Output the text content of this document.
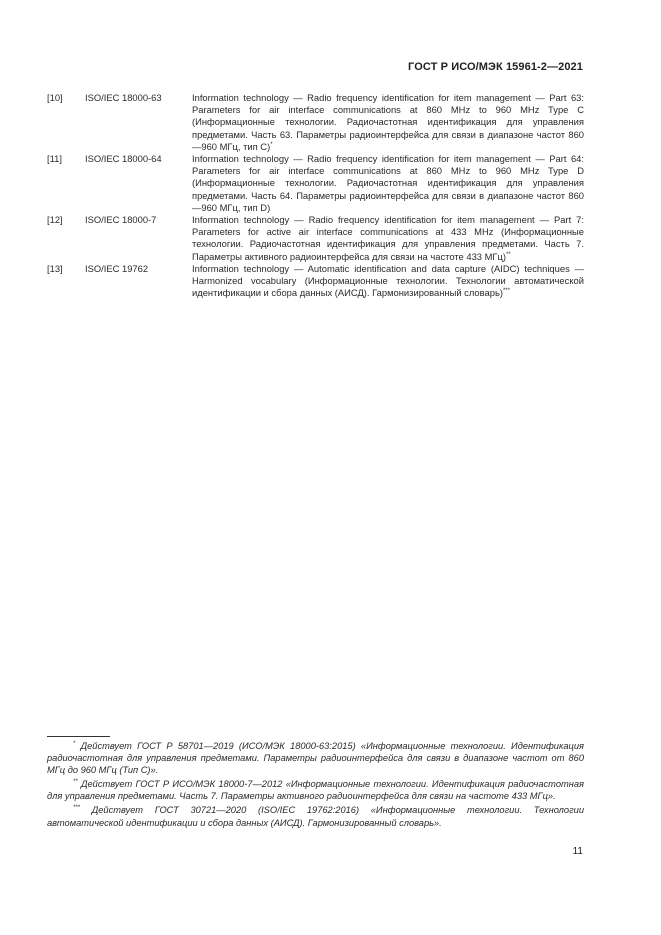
ГОСТ Р ИСО/МЭК 15961-2—2021
[10]	ISO/IEC 18000-63	Information technology — Radio frequency identification for item management — Part 63: Parameters for air interface communications at 860 MHz to 960 MHz Type C (Информационные технологии. Радиочастотная идентификация для управления предметами. Часть 63. Параметры радиоинтерфейса для связи в диапазоне частот 860—960 МГц, тип С)*
[11]	ISO/IEC 18000-64	Information technology — Radio frequency identification for item management — Part 64: Parameters for air interface communications at 860 MHz to 960 MHz Type D (Информационные технологии. Радиочастотная идентификация для управления предметами. Часть 64. Параметры радиоинтерфейса для связи в диапазоне частот 860—960 МГц, тип D)
[12]	ISO/IEC 18000-7	Information technology — Radio frequency identification for item management — Part 7: Parameters for active air interface communications at 433 MHz (Информационные технологии. Радиочастотная идентификация для управления предметами. Часть 7. Параметры активного радиоинтерфейса для связи на частоте 433 МГц)**
[13]	ISO/IEC 19762	Information technology — Automatic identification and data capture (AIDC) techniques — Harmonized vocabulary (Информационные технологии. Технологии автоматической идентификации и сбора данных (АИСД). Гармонизированный словарь)***
* Действует ГОСТ Р 58701—2019 (ИСО/МЭК 18000-63:2015) «Информационные технологии. Идентификация радиочастотная для управления предметами. Параметры радиоинтерфейса для связи в диапазоне частот от 860 МГц до 960 МГц (Тип С)».
** Действует ГОСТ Р ИСО/МЭК 18000-7—2012 «Информационные технологии. Идентификация радиочастотная для управления предметами. Часть 7. Параметры активного радиоинтерфейса для связи на частоте 433 МГц».
*** Действует ГОСТ 30721—2020 (ISO/IEC 19762:2016) «Информационные технологии. Технологии автоматической идентификации и сбора данных (АИСД). Гармонизированный словарь».
11
